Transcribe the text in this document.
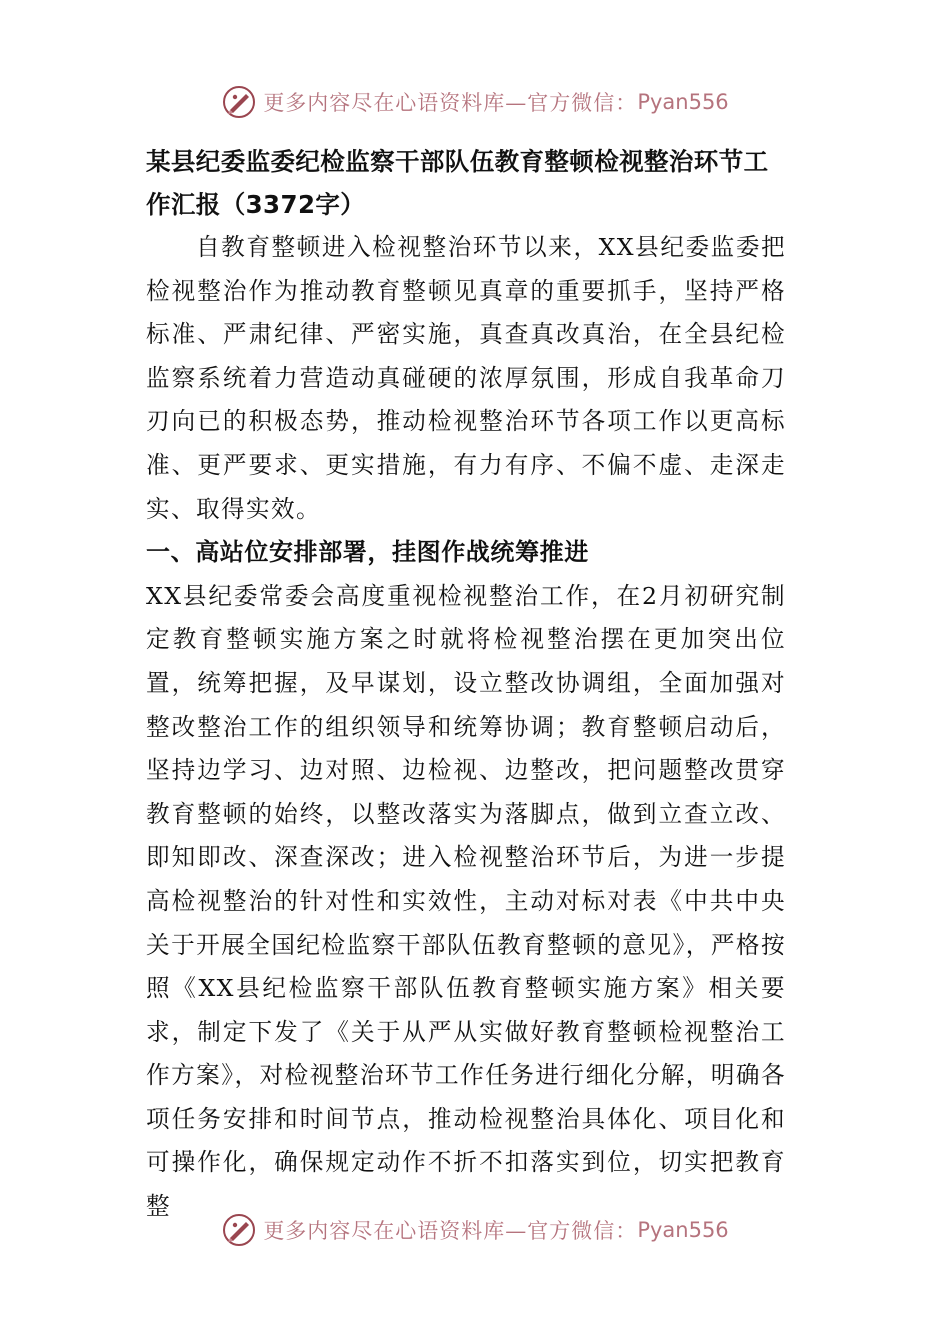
更多内容尽在心语资料库—官方微信： Pyan556

某县纪委监委纪检监察干部队伍教育整顿检视整治环节工作汇报（3372字）

自教育整顿进入检视整治环节以来，XX县纪委监委把检视整治作为推动教育整顿见真章的重要抓手，坚持严格标准、严肃纪律、严密实施，真查真改真治，在全县纪检监察系统着力营造动真碰硬的浓厚氛围，形成自我革命刀刃向已的积极态势，推动检视整治环节各项工作以更高标准、更严要求、更实措施，有力有序、不偏不虚、走深走实、取得实效。

一、高站位安排部署，挂图作战统筹推进

XX县纪委常委会高度重视检视整治工作，在2月初研究制定教育整顿实施方案之时就将检视整治摆在更加突出位置，统筹把握，及早谋划，设立整改协调组，全面加强对整改整治工作的组织领导和统筹协调；教育整顿启动后，坚持边学习、边对照、边检视、边整改，把问题整改贯穿教育整顿的始终，以整改落实为落脚点，做到立查立改、即知即改、深查深改；进入检视整治环节后，为进一步提高检视整治的针对性和实效性，主动对标对表《中共中央关于开展全国纪检监察干部队伍教育整顿的意见》，严格按照《XX县纪检监察干部队伍教育整顿实施方案》相关要求，制定下发了《关于从严从实做好教育整顿检视整治工作方案》，对检视整治环节工作任务进行细化分解，明确各项任务安排和时间节点，推动检视整治具体化、项目化和可操作化，确保规定动作不折不扣落实到位，切实把教育整

更多内容尽在心语资料库—官方微信： Pyan556
